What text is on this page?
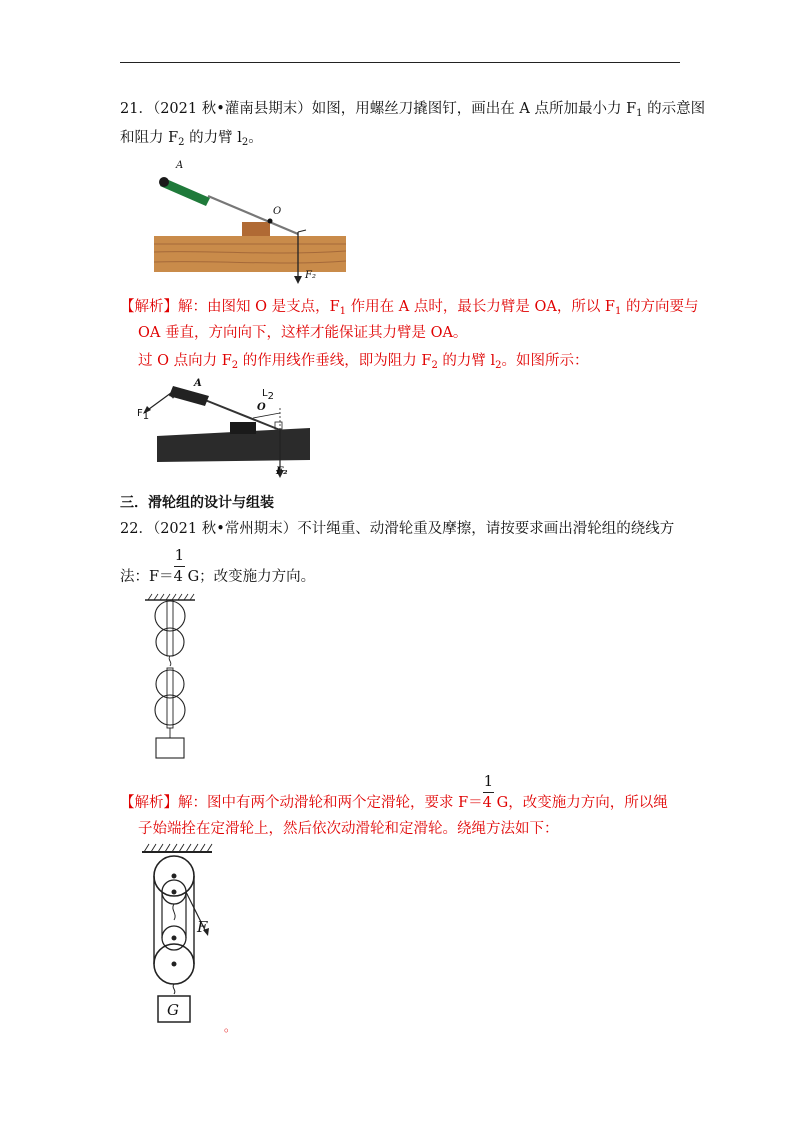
21．（2021 秋•灌南县期末）如图，用螺丝刀撬图钉，画出在 A 点所加最小力 $F_1$ 的示意图
和阻力 $F_2$ 的力臂 $l_2$。
A
O
F₂
【解析】解：由图知 O 是支点，$F_1$ 作用在 A 点时，最长力臂是 OA，所以 $F_1$ 的方向要与
OA 垂直，方向向下，这样才能保证其力臂是 OA。
过 O 点向力 $F_2$ 的作用线作垂线，即为阻力 $F_2$ 的力臂 $l_2$。如图所示：
$F_1$
A
O
$L_2$
F₂
三．滑轮组的设计与组装
22．（2021 秋•常州期末）不计绳重、动滑轮重及摩擦，请按要求画出滑轮组的绕线方
法：$F= \frac{1}{4}$ G；改变施力方向。
【解析】解：图中有两个动滑轮和两个定滑轮，要求 $F= \frac{1}{4}$ G，改变施力方向，所以绳
子始端拴在定滑轮上，然后依次动滑轮和定滑轮。绕绳方法如下：
F
G
。
